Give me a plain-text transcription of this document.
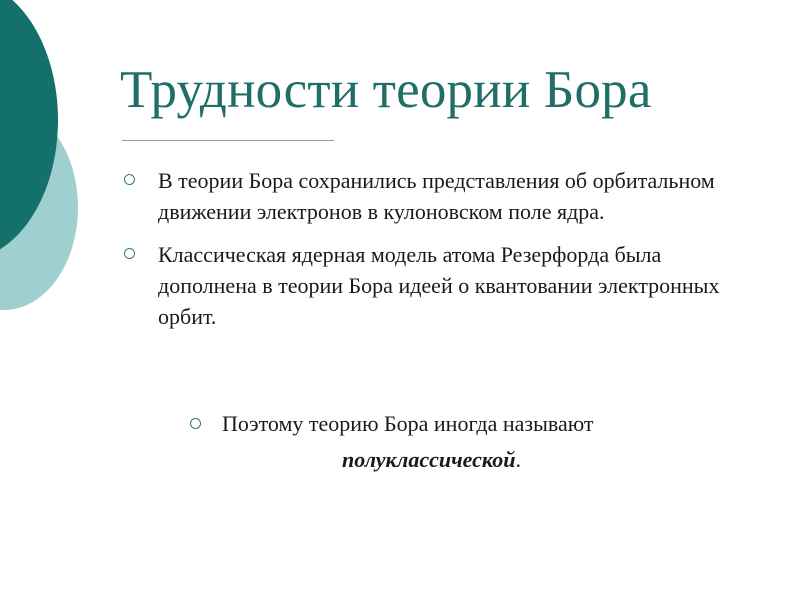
Трудности теории Бора
В теории Бора сохранились представления об орбитальном движении электронов в кулоновском поле ядра.
Классическая ядерная модель атома Резерфорда была дополнена в теории Бора идеей о квантовании электронных орбит.

Поэтому теорию Бора иногда называют

полуклассической.
